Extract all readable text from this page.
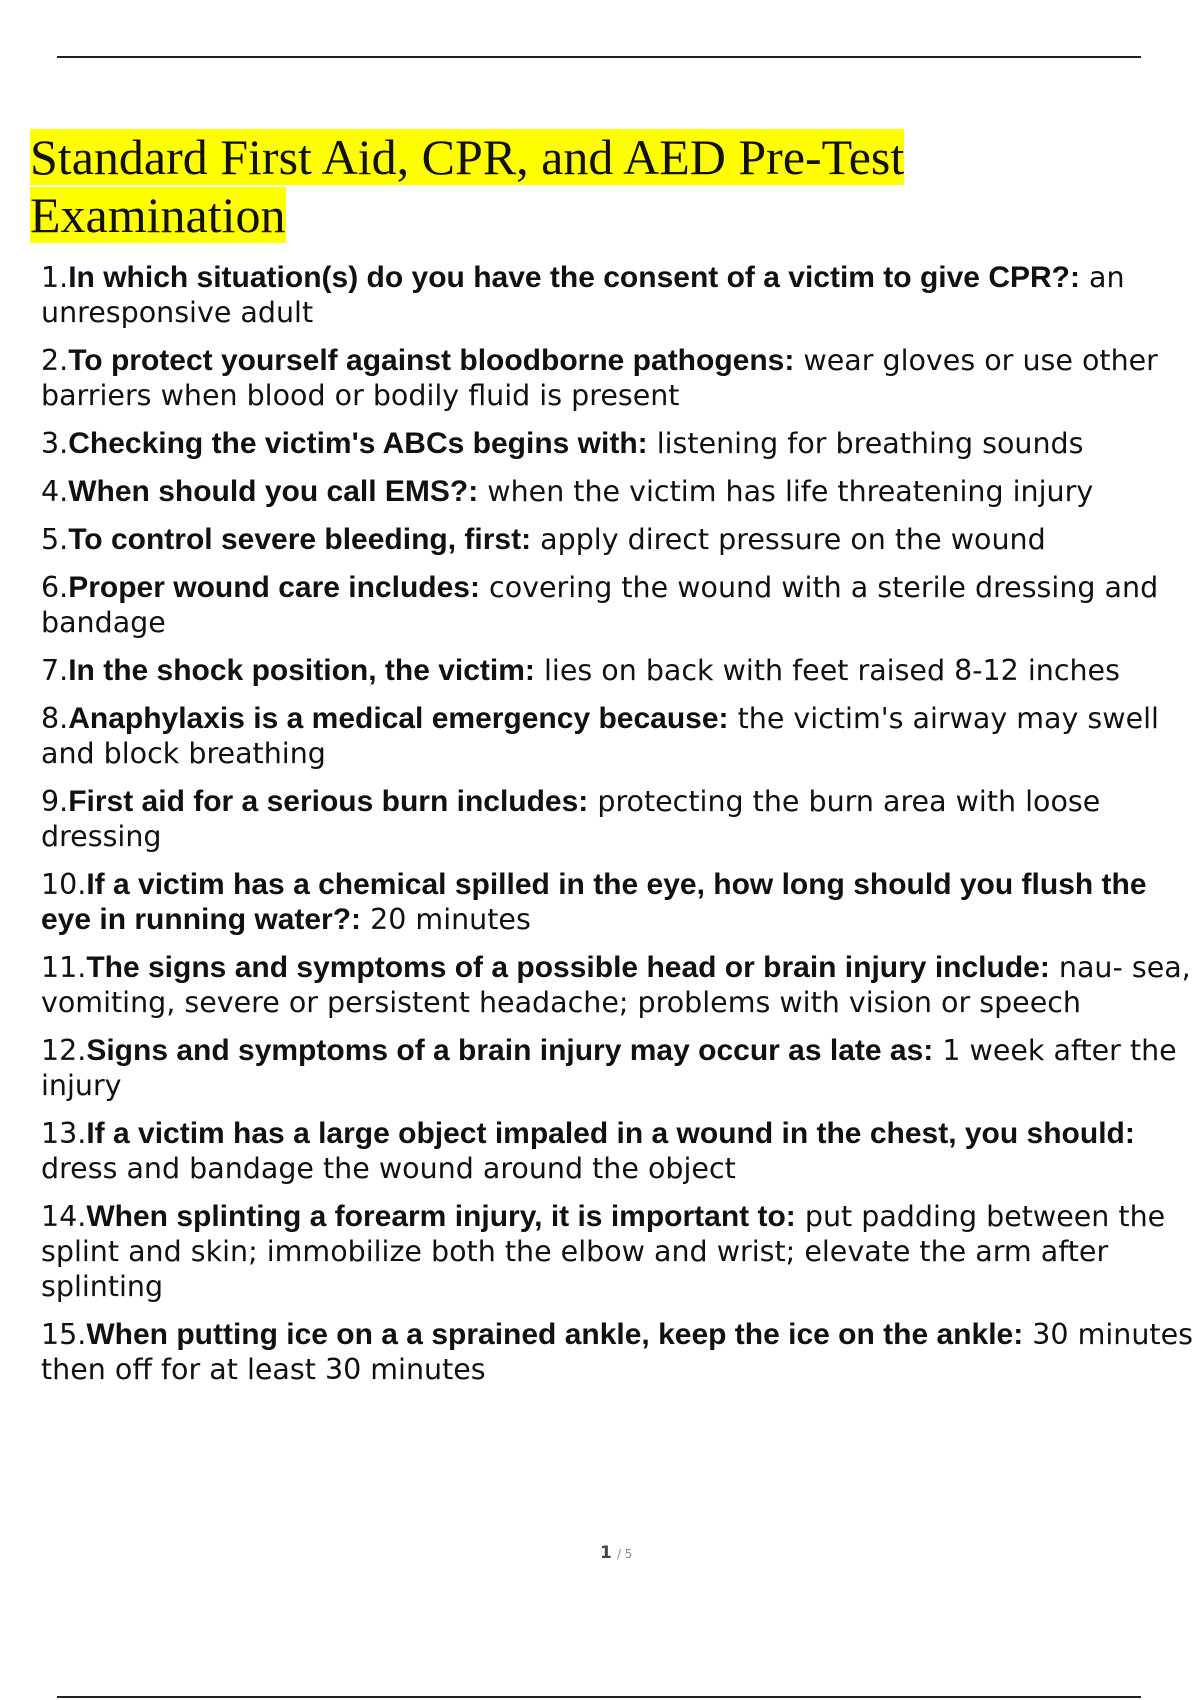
Standard First Aid, CPR, and AED Pre-Test Examination
1.In which situation(s) do you have the consent of a victim to give CPR?: an unresponsive adult
2.To protect yourself against bloodborne pathogens: wear gloves or use other barriers when blood or bodily fluid is present
3.Checking the victim's ABCs begins with: listening for breathing sounds
4.When should you call EMS?: when the victim has life threatening injury
5.To control severe bleeding, first: apply direct pressure on the wound
6.Proper wound care includes: covering the wound with a sterile dressing and bandage
7.In the shock position, the victim: lies on back with feet raised 8-12 inches
8.Anaphylaxis is a medical emergency because: the victim's airway may swell and block breathing
9.First aid for a serious burn includes: protecting the burn area with loose dressing
10.If a victim has a chemical spilled in the eye, how long should you flush the eye in running water?: 20 minutes
11.The signs and symptoms of a possible head or brain injury include: nau- sea, vomiting, severe or persistent headache; problems with vision or speech
12.Signs and symptoms of a brain injury may occur as late as: 1 week after the injury
13.If a victim has a large object impaled in a wound in the chest, you should: dress and bandage the wound around the object
14.When splinting a forearm injury, it is important to: put padding between the splint and skin; immobilize both the elbow and wrist; elevate the arm after splinting
15.When putting ice on a a sprained ankle, keep the ice on the ankle: 30 minutes then off for at least 30 minutes
1 / 5
